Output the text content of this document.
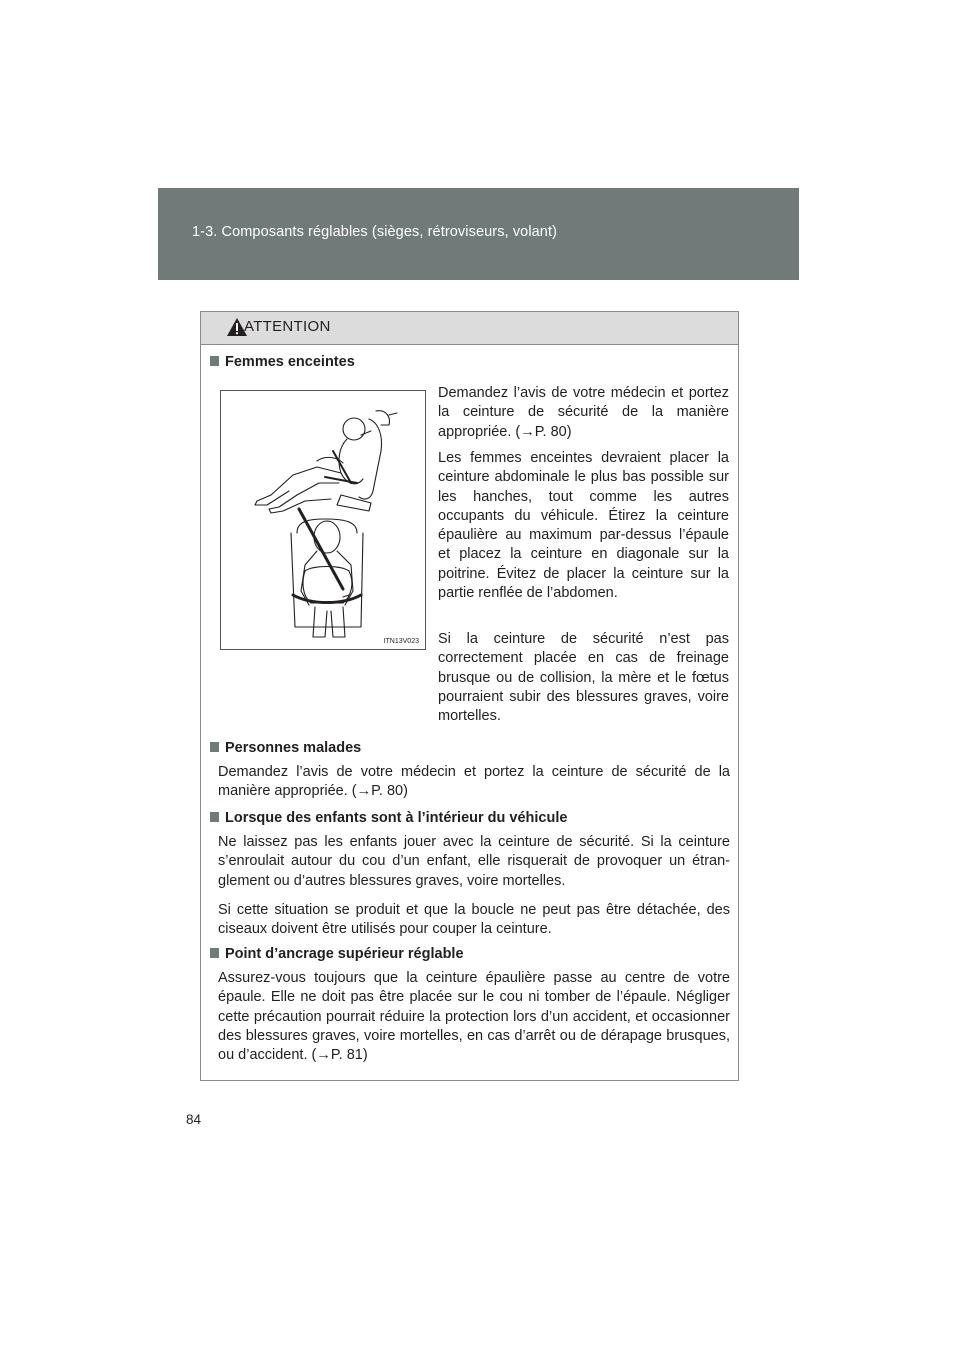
1-3. Composants réglables (sièges, rétroviseurs, volant)
ATTENTION
Femmes enceintes
ITN13V023
Demandez l’avis de votre médecin et portez la ceinture de sécurité de la manière appropriée. (→P. 80)
Les femmes enceintes devraient placer la ceinture abdominale le plus bas possible sur les hanches, tout comme les autres occupants du véhicule. Étirez la ceinture épaulière au maximum par-dessus l’épaule et placez la ceinture en diagonale sur la poitrine. Évitez de placer la ceinture sur la partie renflée de l’abdomen.
Si la ceinture de sécurité n’est pas correctement placée en cas de freinage brusque ou de collision, la mère et le fœtus pourraient subir des blessures graves, voire mortelles.
Personnes malades
Demandez l’avis de votre médecin et portez la ceinture de sécurité de la manière appropriée. (→P. 80)
Lorsque des enfants sont à l’intérieur du véhicule
Ne laissez pas les enfants jouer avec la ceinture de sécurité. Si la ceinture s’enroulait autour du cou d’un enfant, elle risquerait de provoquer un étran-glement ou d’autres blessures graves, voire mortelles.
Si cette situation se produit et que la boucle ne peut pas être détachée, des ciseaux doivent être utilisés pour couper la ceinture.
Point d’ancrage supérieur réglable
Assurez-vous toujours que la ceinture épaulière passe au centre de votre épaule. Elle ne doit pas être placée sur le cou ni tomber de l’épaule. Négliger cette précaution pourrait réduire la protection lors d’un accident, et occasionner des blessures graves, voire mortelles, en cas d’arrêt ou de dérapage brusques, ou d’accident. (→P. 81)
84
